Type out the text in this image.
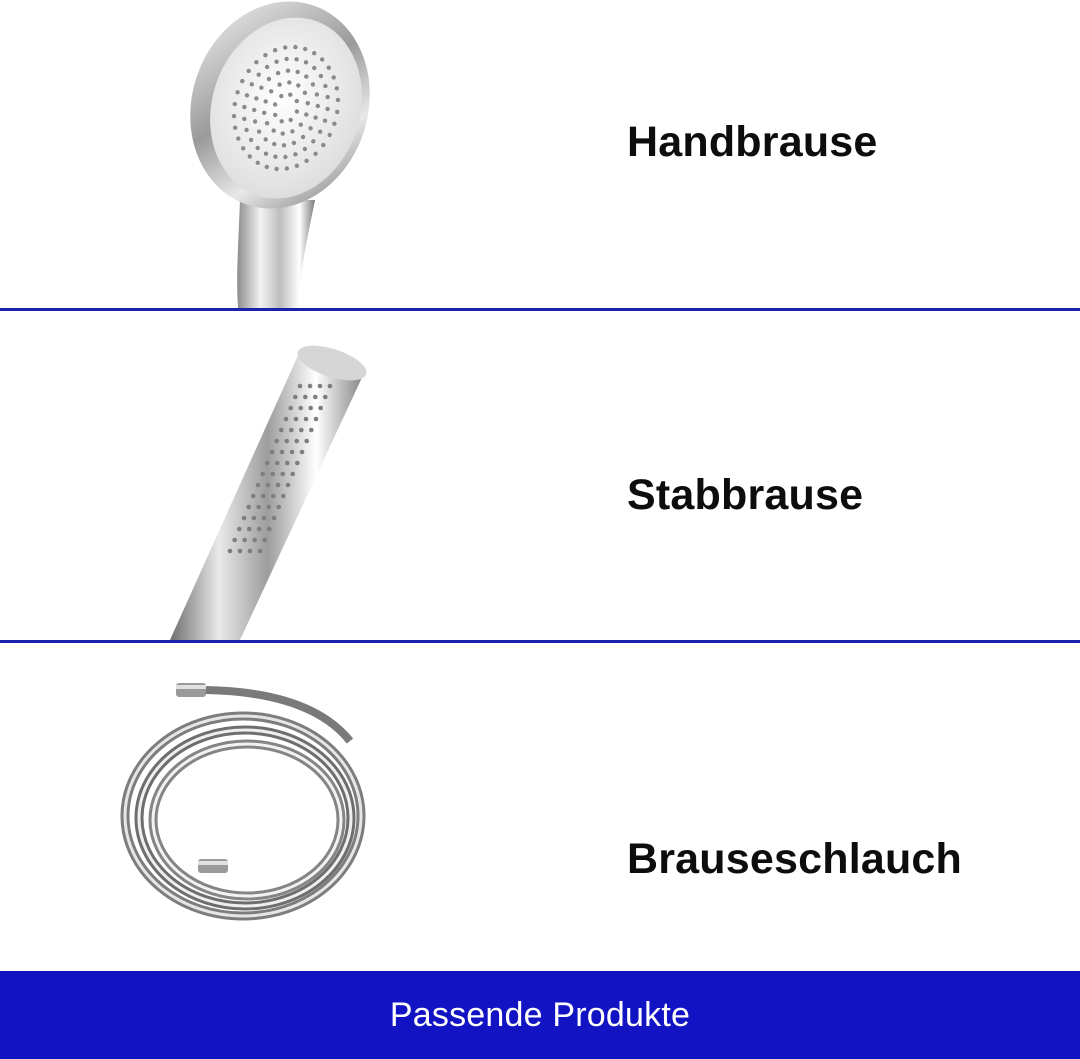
Handbrause
Stabbrause
Brauseschlauch
Passende Produkte
